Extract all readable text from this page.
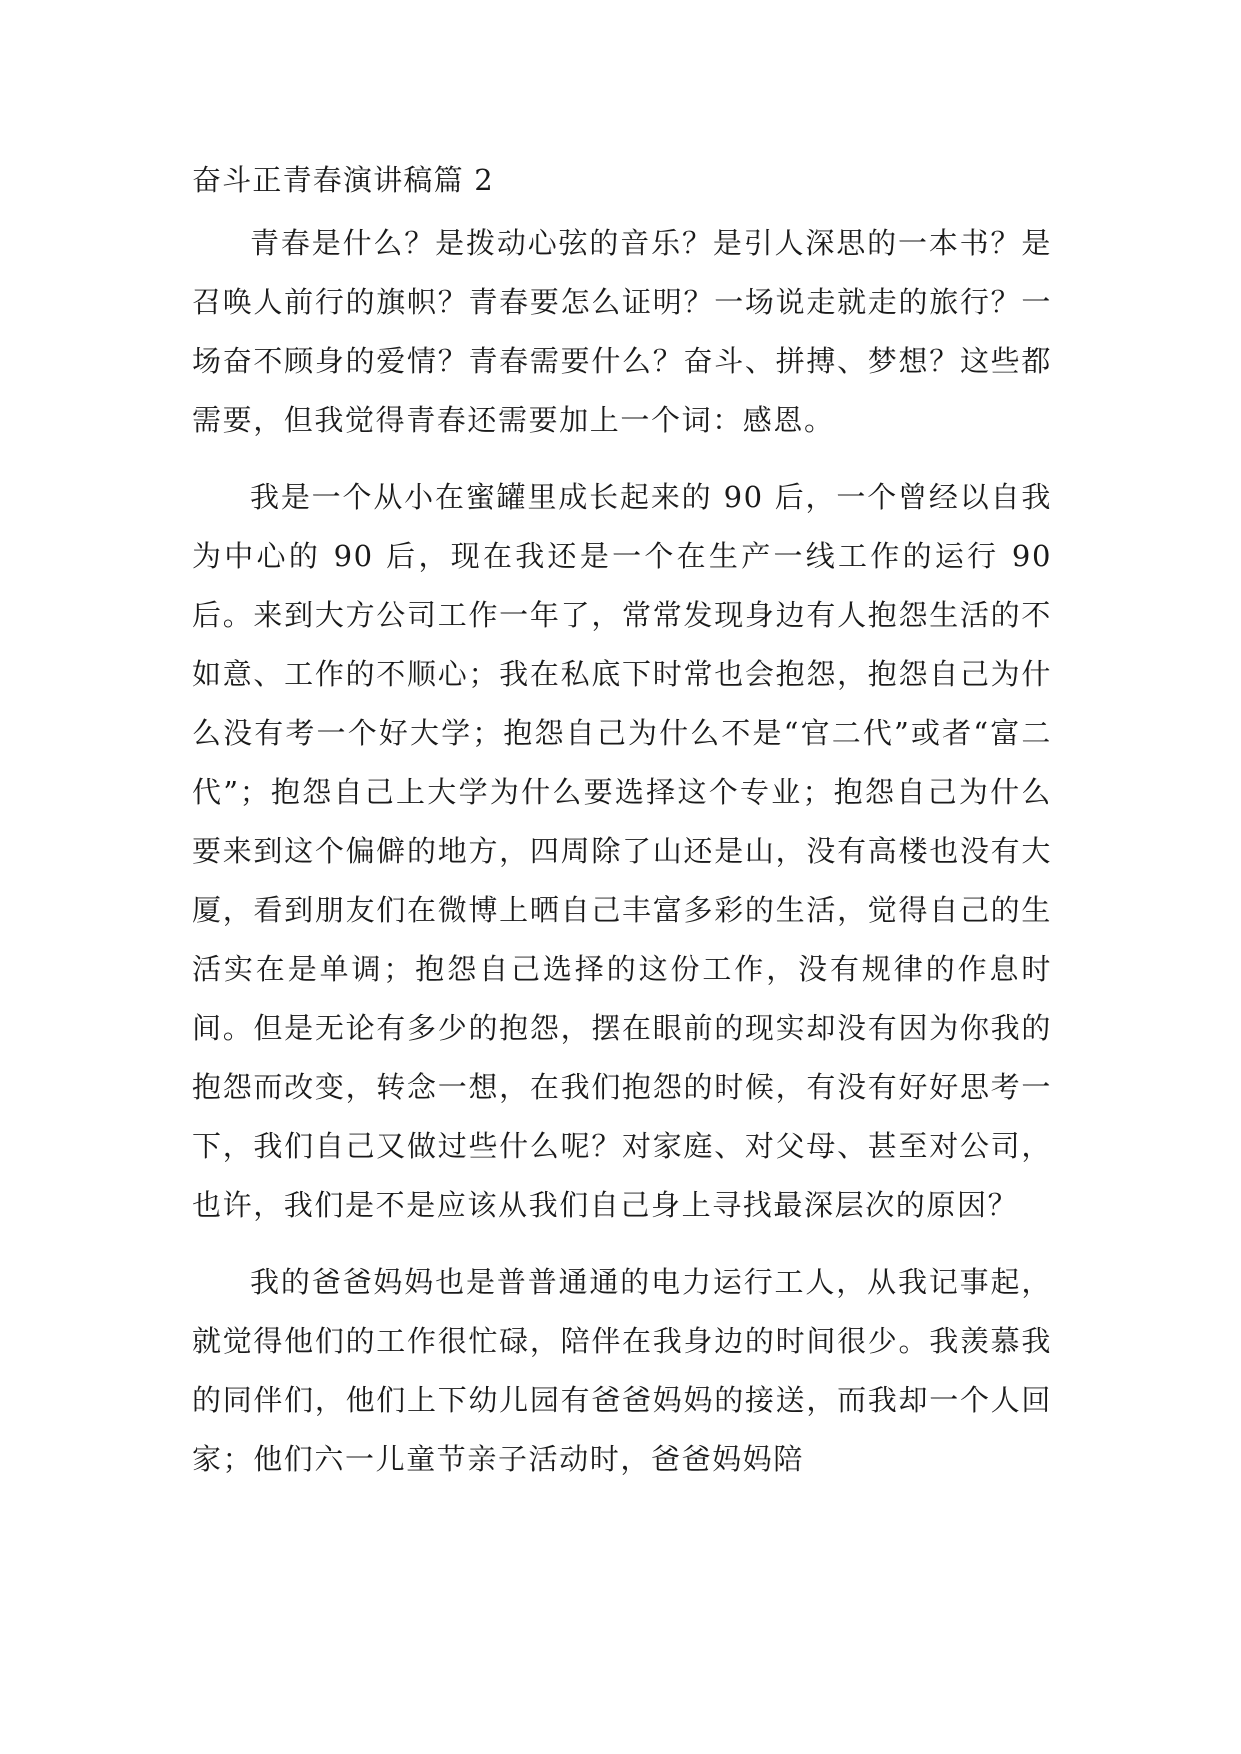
奋斗正青春演讲稿篇 2

青春是什么？是拨动心弦的音乐？是引人深思的一本书？是召唤人前行的旗帜？青春要怎么证明？一场说走就走的旅行？一场奋不顾身的爱情？青春需要什么？奋斗、拼搏、梦想？这些都需要，但我觉得青春还需要加上一个词：感恩。

我是一个从小在蜜罐里成长起来的 90 后，一个曾经以自我为中心的 90 后，现在我还是一个在生产一线工作的运行 90 后。来到大方公司工作一年了，常常发现身边有人抱怨生活的不如意、工作的不顺心；我在私底下时常也会抱怨，抱怨自己为什么没有考一个好大学；抱怨自己为什么不是“官二代”或者“富二代”；抱怨自己上大学为什么要选择这个专业；抱怨自己为什么要来到这个偏僻的地方，四周除了山还是山，没有高楼也没有大厦，看到朋友们在微博上晒自己丰富多彩的生活，觉得自己的生活实在是单调；抱怨自己选择的这份工作，没有规律的作息时间。但是无论有多少的抱怨，摆在眼前的现实却没有因为你我的抱怨而改变，转念一想，在我们抱怨的时候，有没有好好思考一下，我们自己又做过些什么呢？对家庭、对父母、甚至对公司，也许，我们是不是应该从我们自己身上寻找最深层次的原因？

我的爸爸妈妈也是普普通通的电力运行工人，从我记事起，就觉得他们的工作很忙碌，陪伴在我身边的时间很少。我羡慕我的同伴们，他们上下幼儿园有爸爸妈妈的接送，而我却一个人回家；他们六一儿童节亲子活动时，爸爸妈妈陪
